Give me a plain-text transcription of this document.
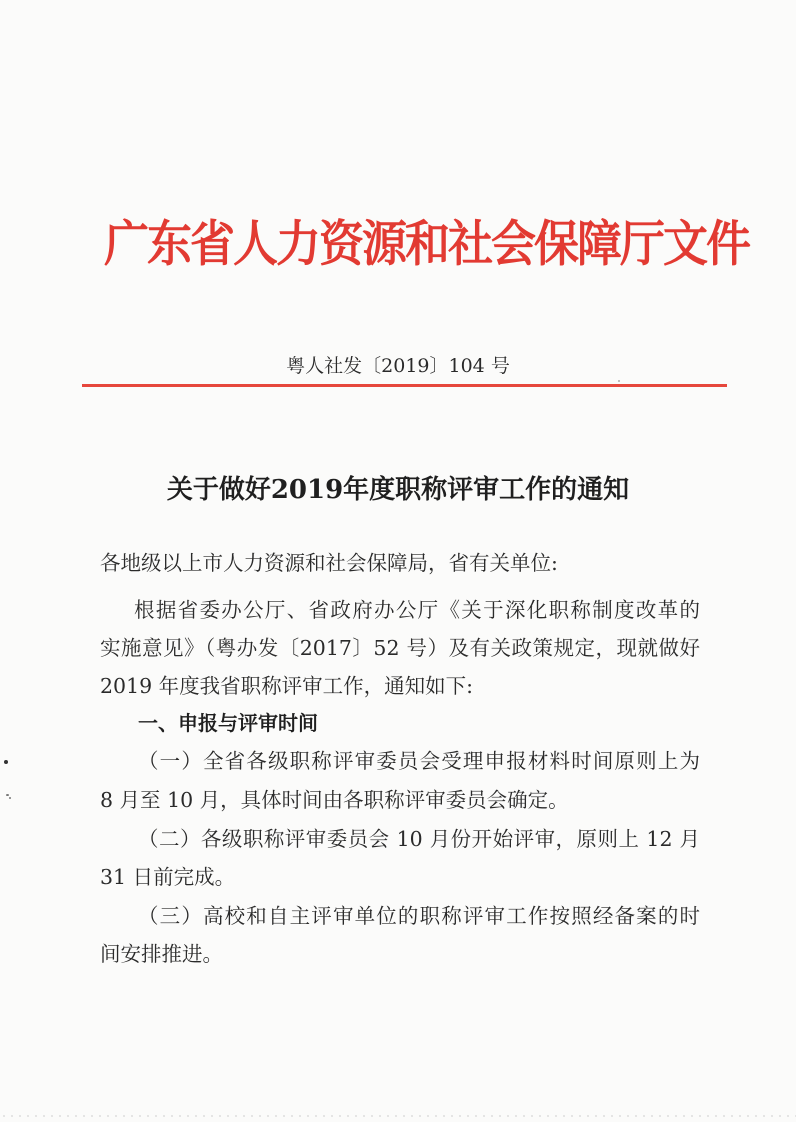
广东省人力资源和社会保障厅文件
粤人社发〔2019〕104 号
关于做好2019年度职称评审工作的通知
各地级以上市人力资源和社会保障局，省有关单位:
根据省委办公厅、省政府办公厅《关于深化职称制度改革的
实施意见》（粤办发〔2017〕52 号）及有关政策规定，现就做好
2019 年度我省职称评审工作，通知如下:
一、申报与评审时间
（一）全省各级职称评审委员会受理申报材料时间原则上为
8 月至 10 月，具体时间由各职称评审委员会确定。
（二）各级职称评审委员会 10 月份开始评审，原则上 12 月
31 日前完成。
（三）高校和自主评审单位的职称评审工作按照经备案的时
间安排推进。
